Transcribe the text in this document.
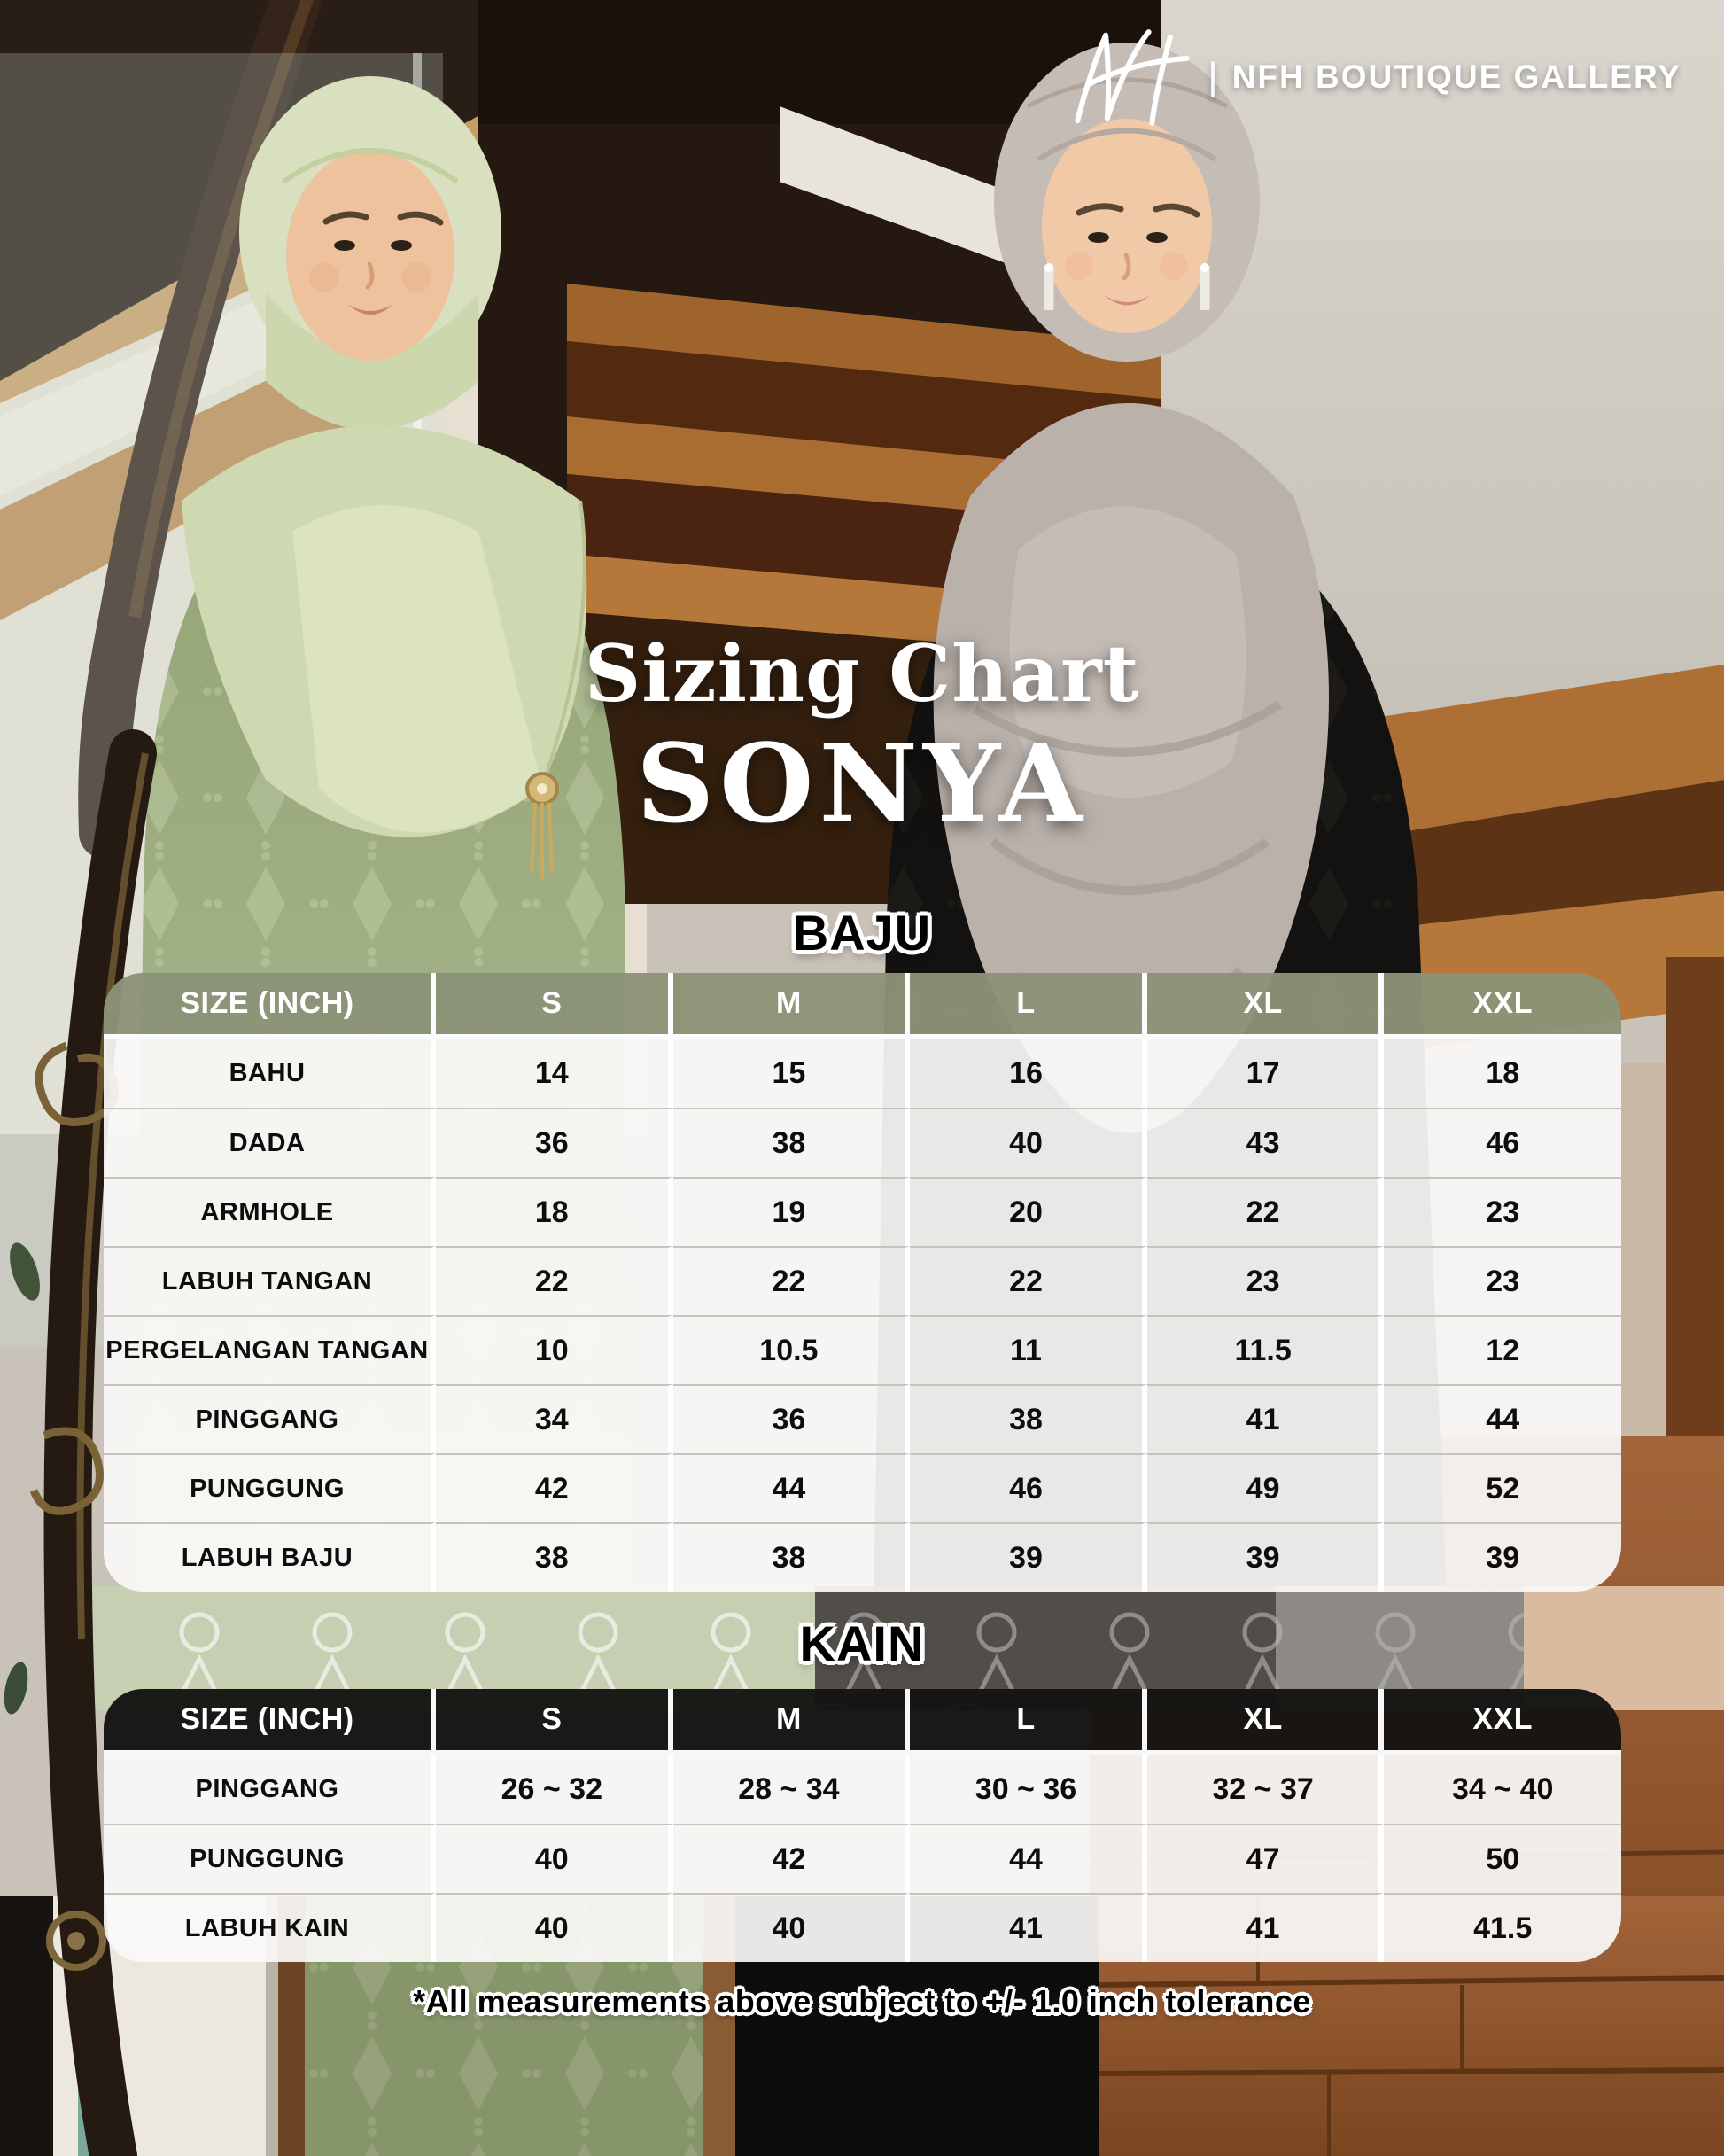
| NFH BOUTIQUE GALLERY
Sizing Chart
SONYA
BAJU
SIZE (INCH)	S	M	L	XL	XXL
BAHU	14	15	16	17	18
DADA	36	38	40	43	46
ARMHOLE	18	19	20	22	23
LABUH TANGAN	22	22	22	23	23
PERGELANGAN TANGAN	10	10.5	11	11.5	12
PINGGANG	34	36	38	41	44
PUNGGUNG	42	44	46	49	52
LABUH BAJU	38	38	39	39	39
KAIN
SIZE (INCH)	S	M	L	XL	XXL
PINGGANG	26 ~ 32	28 ~ 34	30 ~ 36	32 ~ 37	34 ~ 40
PUNGGUNG	40	42	44	47	50
LABUH KAIN	40	40	41	41	41.5
*All measurements above subject to +/- 1.0 inch tolerance
